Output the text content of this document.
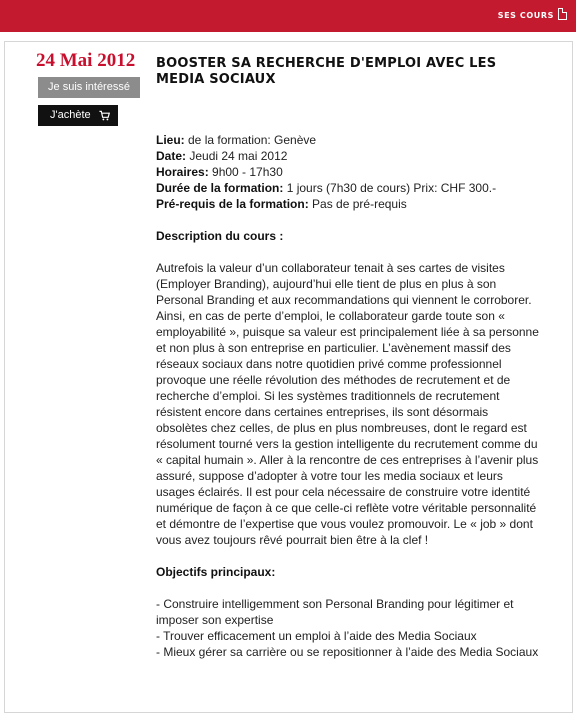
SES COURS
24 Mai 2012
Je suis intéressé
J'achète
BOOSTER SA RECHERCHE D'EMPLOI AVEC LES MEDIA SOCIAUX
Lieu: de la formation: Genève
Date: Jeudi 24 mai 2012
Horaires: 9h00 - 17h30
Durée de la formation: 1 jours (7h30 de cours) Prix: CHF 300.-
Pré-requis de la formation: Pas de pré-requis
Description du cours :
Autrefois la valeur d’un collaborateur tenait à ses cartes de visites (Employer Branding), aujourd’hui elle tient de plus en plus à son Personal Branding et aux recommandations qui viennent le corroborer. Ainsi, en cas de perte d’emploi, le collaborateur garde toute son « employabilité », puisque sa valeur est principalement liée à sa personne et non plus à son entreprise en particulier. L’avènement massif des réseaux sociaux dans notre quotidien privé comme professionnel provoque une réelle révolution des méthodes de recrutement et de recherche d’emploi. Si les systèmes traditionnels de recrutement résistent encore dans certaines entreprises, ils sont désormais obsolètes chez celles, de plus en plus nombreuses, dont le regard est résolument tourné vers la gestion intelligente du recrutement comme du « capital humain ». Aller à la rencontre de ces entreprises à l’avenir plus assuré, suppose d’adopter à votre tour les media sociaux et leurs usages éclairés. Il est pour cela nécessaire de construire votre identité numérique de façon à ce que celle-ci reflète votre véritable personnalité et démontre de l’expertise que vous voulez promouvoir. Le « job » dont vous avez toujours rêvé pourrait bien être à la clef !
Objectifs principaux:
- Construire intelligemment son Personal Branding pour légitimer et imposer son expertise
- Trouver efficacement un emploi à l’aide des Media Sociaux
- Mieux gérer sa carrière ou se repositionner à l’aide des Media Sociaux
